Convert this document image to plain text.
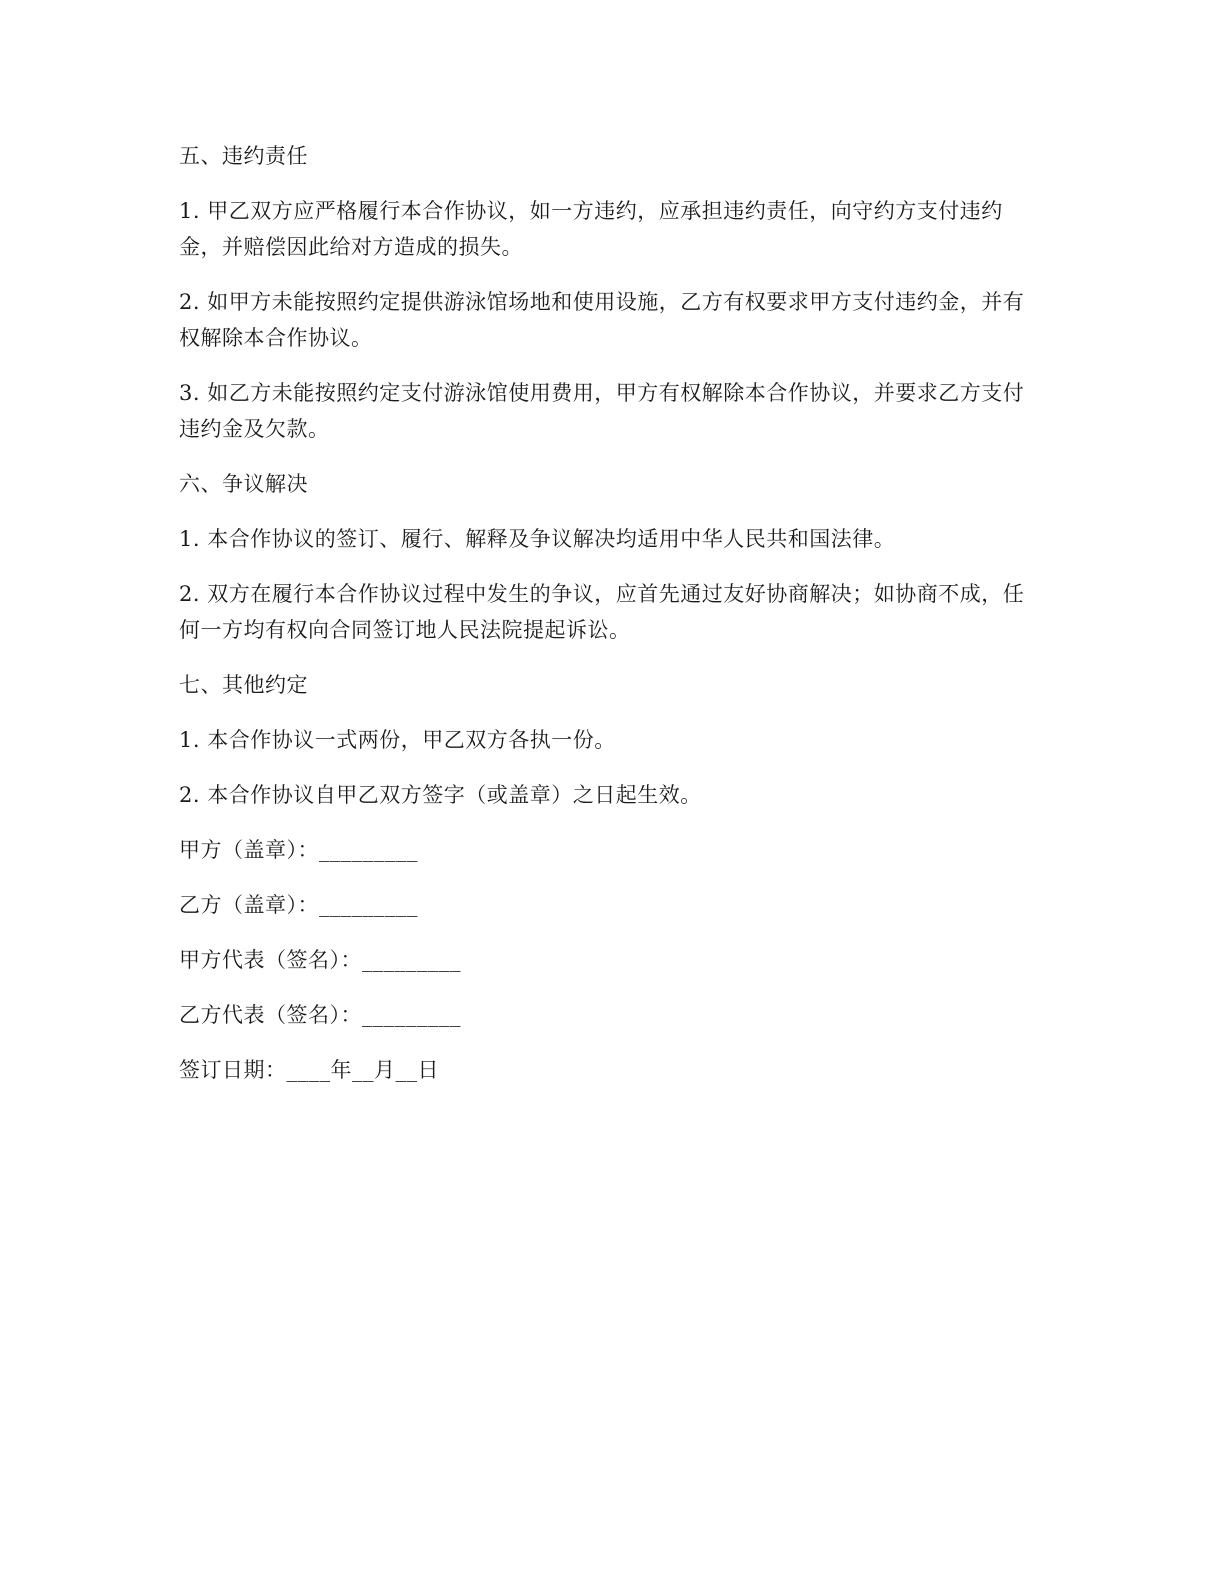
五、违约责任
1. 甲乙双方应严格履行本合作协议，如一方违约，应承担违约责任，向守约方支付违约金，并赔偿因此给对方造成的损失。
2. 如甲方未能按照约定提供游泳馆场地和使用设施，乙方有权要求甲方支付违约金，并有权解除本合作协议。
3. 如乙方未能按照约定支付游泳馆使用费用，甲方有权解除本合作协议，并要求乙方支付违约金及欠款。
六、争议解决
1. 本合作协议的签订、履行、解释及争议解决均适用中华人民共和国法律。
2. 双方在履行本合作协议过程中发生的争议，应首先通过友好协商解决；如协商不成，任何一方均有权向合同签订地人民法院提起诉讼。
七、其他约定
1. 本合作协议一式两份，甲乙双方各执一份。
2. 本合作协议自甲乙双方签字（或盖章）之日起生效。
甲方（盖章）：_________
乙方（盖章）：_________
甲方代表（签名）：_________
乙方代表（签名）：_________
签订日期：____年__月__日
